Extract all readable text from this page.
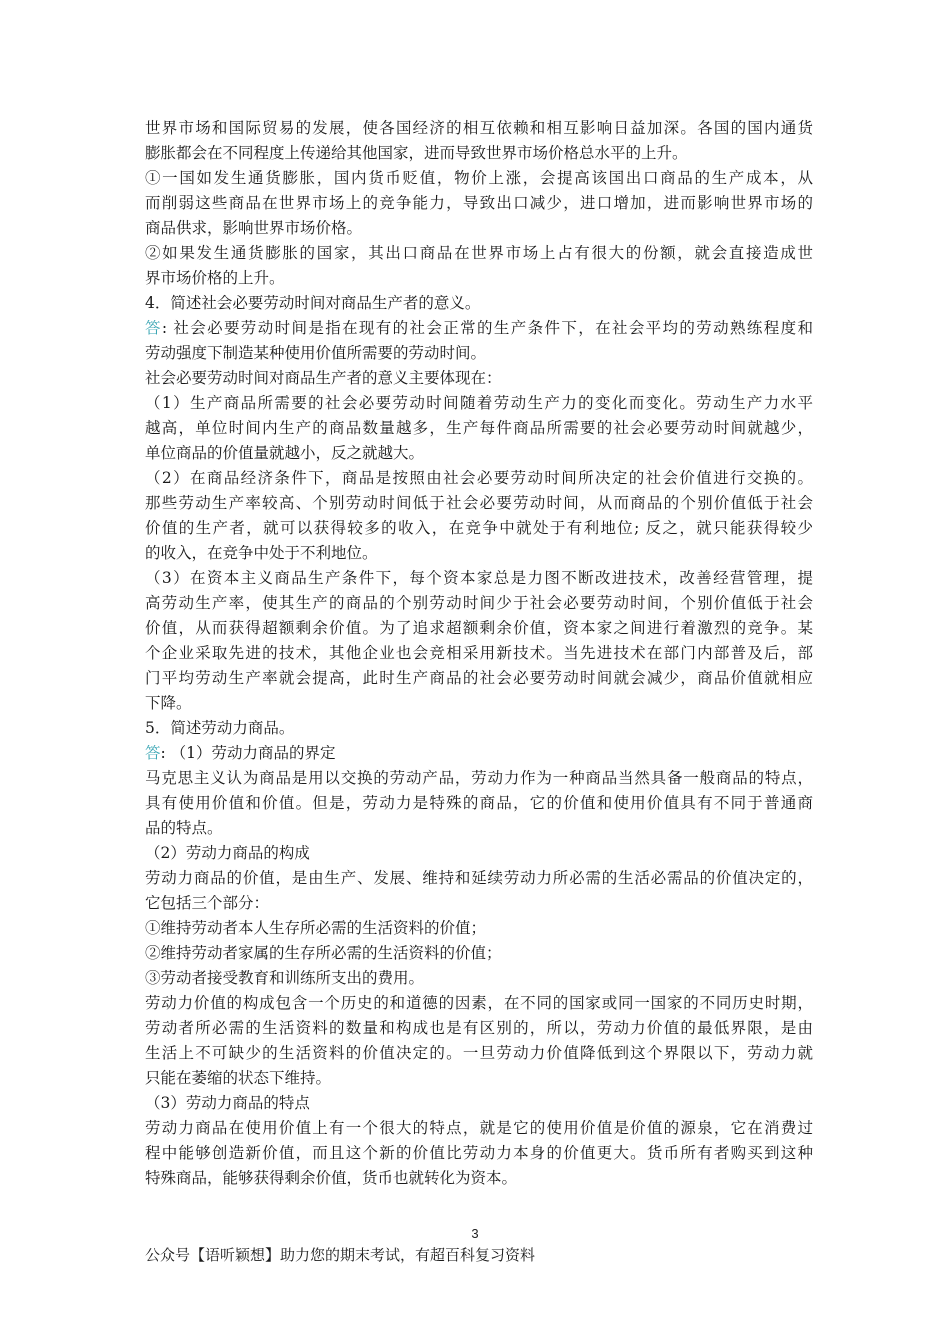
世界市场和国际贸易的发展，使各国经济的相互依赖和相互影响日益加深。各国的国内通货
膨胀都会在不同程度上传递给其他国家，进而导致世界市场价格总水平的上升。
①一国如发生通货膨胀，国内货币贬值，物价上涨，会提高该国出口商品的生产成本，从
而削弱这些商品在世界市场上的竞争能力，导致出口减少，进口增加，进而影响世界市场的
商品供求，影响世界市场价格。
②如果发生通货膨胀的国家，其出口商品在世界市场上占有很大的份额，就会直接造成世
界市场价格的上升。
4．简述社会必要劳动时间对商品生产者的意义。
答: 社会必要劳动时间是指在现有的社会正常的生产条件下，在社会平均的劳动熟练程度和
劳动强度下制造某种使用价值所需要的劳动时间。
社会必要劳动时间对商品生产者的意义主要体现在：
（1）生产商品所需要的社会必要劳动时间随着劳动生产力的变化而变化。劳动生产力水平
越高，单位时间内生产的商品数量越多，生产每件商品所需要的社会必要劳动时间就越少，
单位商品的价值量就越小，反之就越大。
（2）在商品经济条件下，商品是按照由社会必要劳动时间所决定的社会价值进行交换的。
那些劳动生产率较高、个别劳动时间低于社会必要劳动时间，从而商品的个别价值低于社会
价值的生产者，就可以获得较多的收入，在竞争中就处于有利地位; 反之，就只能获得较少
的收入，在竞争中处于不利地位。
（3）在资本主义商品生产条件下，每个资本家总是力图不断改进技术，改善经营管理，提
高劳动生产率，使其生产的商品的个别劳动时间少于社会必要劳动时间，个别价值低于社会
价值，从而获得超额剩余价值。为了追求超额剩余价值，资本家之间进行着激烈的竞争。某
个企业采取先进的技术，其他企业也会竞相采用新技术。当先进技术在部门内部普及后，部
门平均劳动生产率就会提高，此时生产商品的社会必要劳动时间就会减少，商品价值就相应
下降。
5．简述劳动力商品。
答: （1）劳动力商品的界定
马克思主义认为商品是用以交换的劳动产品，劳动力作为一种商品当然具备一般商品的特点，
具有使用价值和价值。但是，劳动力是特殊的商品，它的价值和使用价值具有不同于普通商
品的特点。
（2）劳动力商品的构成
劳动力商品的价值，是由生产、发展、维持和延续劳动力所必需的生活必需品的价值决定的，
它包括三个部分：
①维持劳动者本人生存所必需的生活资料的价值；
②维持劳动者家属的生存所必需的生活资料的价值；
③劳动者接受教育和训练所支出的费用。
劳动力价值的构成包含一个历史的和道德的因素，在不同的国家或同一国家的不同历史时期，
劳动者所必需的生活资料的数量和构成也是有区别的，所以，劳动力价值的最低界限，是由
生活上不可缺少的生活资料的价值决定的。一旦劳动力价值降低到这个界限以下，劳动力就
只能在萎缩的状态下维持。
（3）劳动力商品的特点
劳动力商品在使用价值上有一个很大的特点，就是它的使用价值是价值的源泉，它在消费过
程中能够创造新价值，而且这个新的价值比劳动力本身的价值更大。货币所有者购买到这种
特殊商品，能够获得剩余价值，货币也就转化为资本。
3
公众号【语听颖想】助力您的期末考试，有超百科复习资料
